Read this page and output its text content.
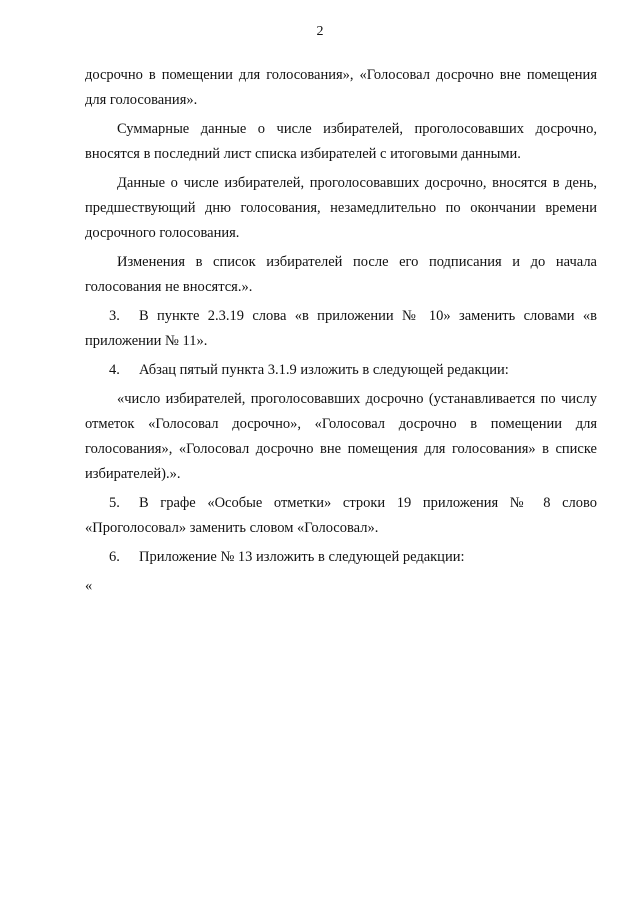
2

досрочно в помещении для голосования», «Голосовал досрочно вне помещения для голосования».

Суммарные данные о числе избирателей, проголосовавших досрочно, вносятся в последний лист списка избирателей с итоговыми данными.

Данные о числе избирателей, проголосовавших досрочно, вносятся в день, предшествующий дню голосования, незамедлительно по окончании времени досрочного голосования.

Изменения в список избирателей после его подписания и до начала голосования не вносятся.».

3. В пункте 2.3.19 слова «в приложении № 10» заменить словами «в приложении № 11».

4. Абзац пятый пункта 3.1.9 изложить в следующей редакции:

«число избирателей, проголосовавших досрочно (устанавливается по числу отметок «Голосовал досрочно», «Голосовал досрочно в помещении для голосования», «Голосовал досрочно вне помещения для голосования» в списке избирателей).».

5. В графе «Особые отметки» строки 19 приложения № 8 слово «Проголосовал» заменить словом «Голосовал».

6. Приложение № 13 изложить в следующей редакции:

«
